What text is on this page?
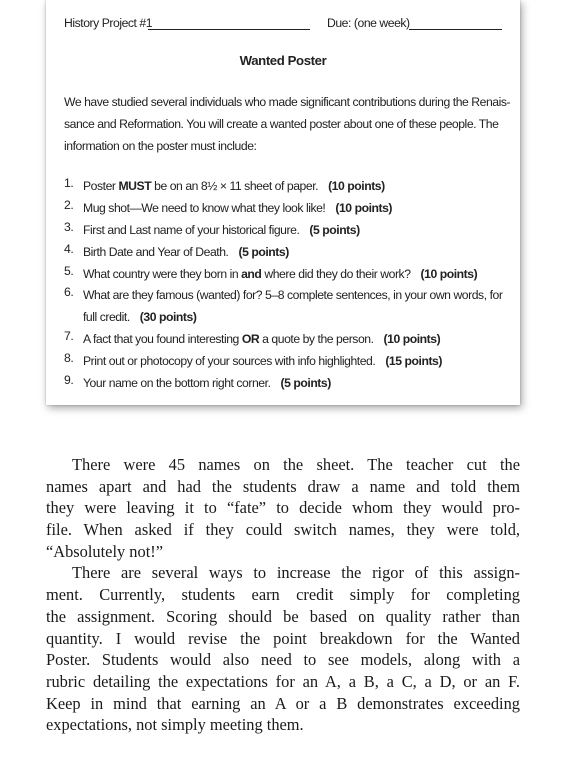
History Project #1	Due: (one week)
Wanted Poster
We have studied several individuals who made significant contributions during the Renais-
sance and Reformation. You will create a wanted poster about one of these people. The
information on the poster must include:
1. Poster MUST be on an 8½ × 11 sheet of paper. (10 points)
2. Mug shot—We need to know what they look like! (10 points)
3. First and Last name of your historical figure. (5 points)
4. Birth Date and Year of Death. (5 points)
5. What country were they born in and where did they do their work? (10 points)
6. What are they famous (wanted) for? 5–8 complete sentences, in your own words, for
full credit. (30 points)
7. A fact that you found interesting OR a quote by the person. (10 points)
8. Print out or photocopy of your sources with info highlighted. (15 points)
9. Your name on the bottom right corner. (5 points)
There were 45 names on the sheet. The teacher cut the
names apart and had the students draw a name and told them
they were leaving it to “fate” to decide whom they would pro-
file. When asked if they could switch names, they were told,
“Absolutely not!”
There are several ways to increase the rigor of this assign-
ment. Currently, students earn credit simply for completing
the assignment. Scoring should be based on quality rather than
quantity. I would revise the point breakdown for the Wanted
Poster. Students would also need to see models, along with a
rubric detailing the expectations for an A, a B, a C, a D, or an F.
Keep in mind that earning an A or a B demonstrates exceeding
expectations, not simply meeting them.
